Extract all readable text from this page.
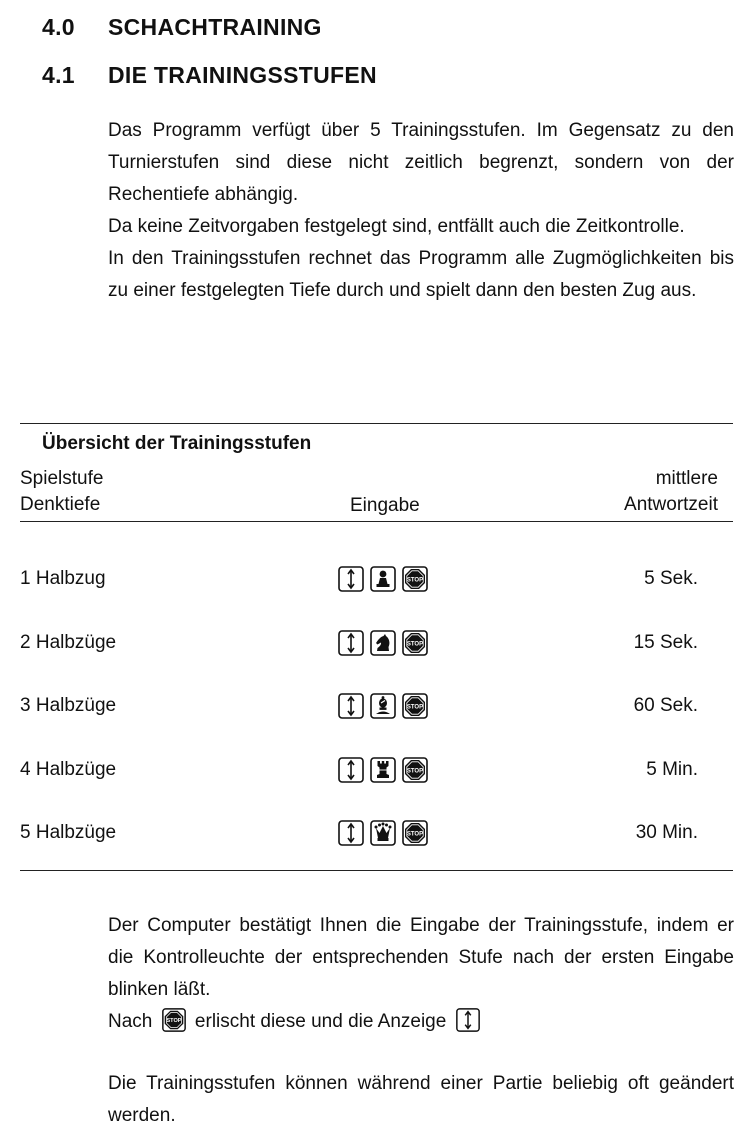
4.0 SCHACHTRAINING
4.1 DIE TRAININGSSTUFEN

Das Programm verfügt über 5 Trainingsstufen. Im Gegensatz zu den Turnierstufen sind diese nicht zeitlich begrenzt, sondern von der Rechentiefe abhängig.

Da keine Zeitvorgaben festgelegt sind, entfällt auch die Zeitkontrolle.

In den Trainingsstufen rechnet das Programm alle Zugmöglichkeiten bis zu einer festgelegten Tiefe durch und spielt dann den besten Zug aus.

Übersicht der Trainingsstufen
Spielstufe
Denktiefe	Eingabe
mittlere
Antwortzeit
1 Halbzug	STOP	5 Sek.
2 Halbzüge	STOP	15 Sek.
3 Halbzüge	STOP	60 Sek.
4 Halbzüge	STOP	5 Min.
5 Halbzüge	STOP	30 Min.

Der Computer bestätigt Ihnen die Eingabe der Trainingsstufe, indem er die Kontrolleuchte der entsprechenden Stufe nach der ersten Eingabe blinken läßt.

Nach STOP erlischt diese und die Anzeige

Die Trainingsstufen können während einer Partie beliebig oft geändert werden.
